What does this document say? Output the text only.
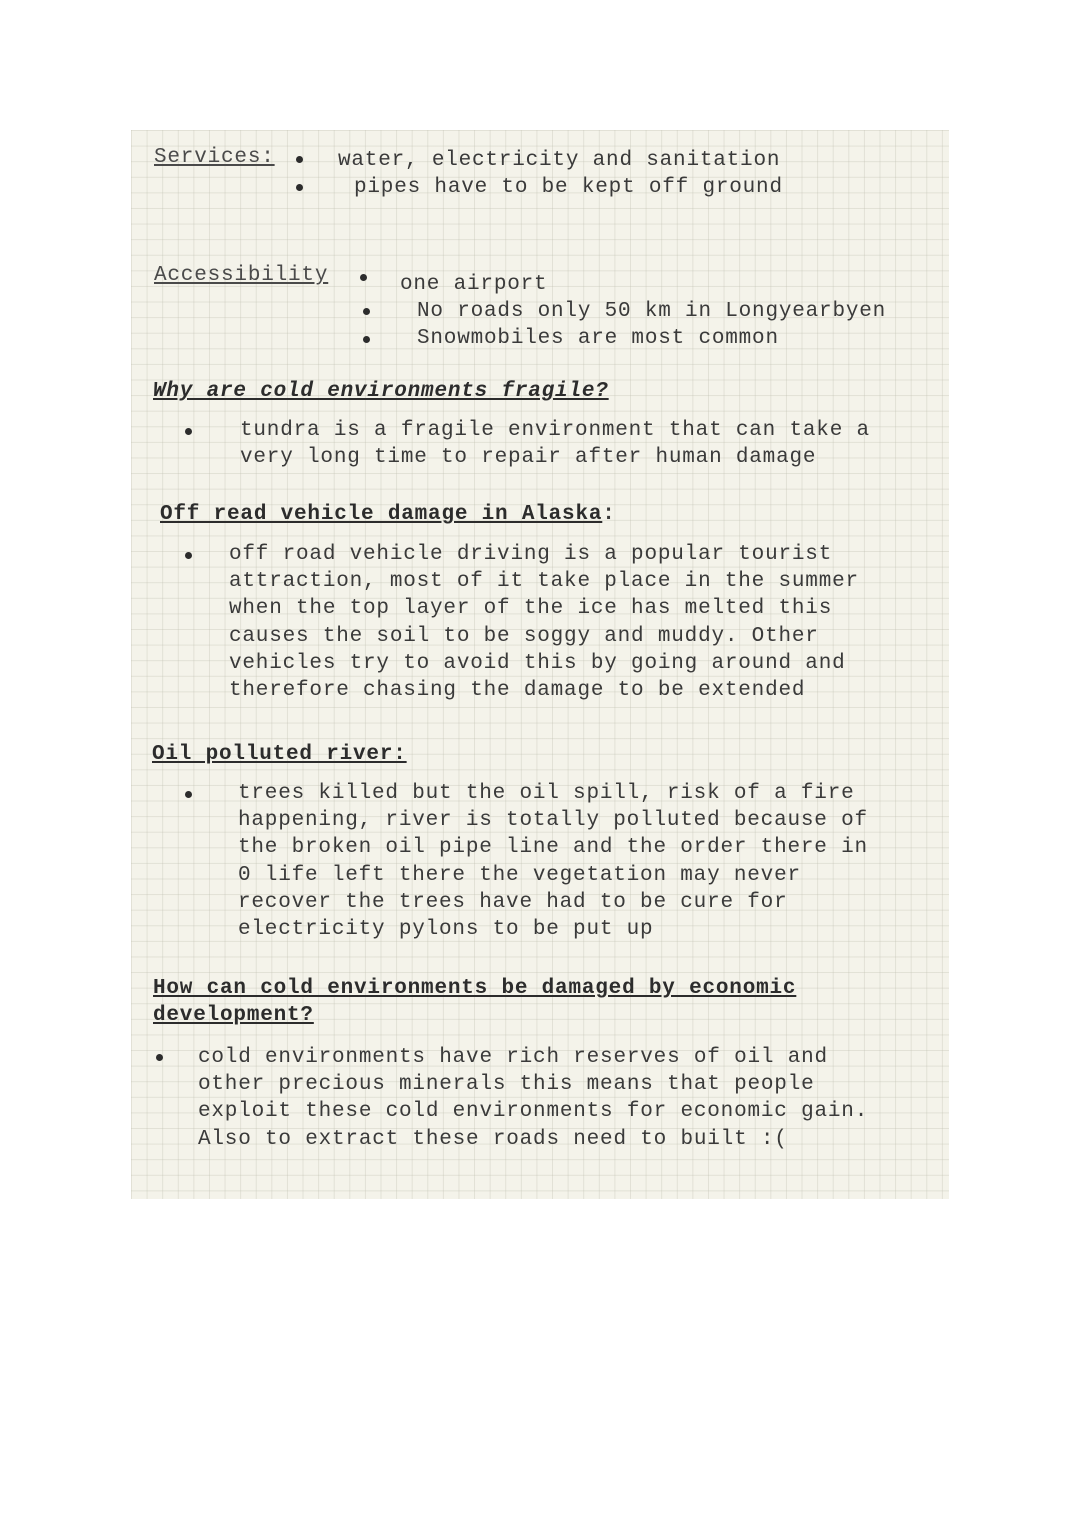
Services:	water, electricity and sanitation
pipes have to be kept off ground
Accessibility	one airport
No roads only 50 km in Longyearbyen
Snowmobiles are most common
Why are cold environments fragile?
tundra is a fragile environment that can take a
very long time to repair after human damage
Off read vehicle damage in Alaska:
off road vehicle driving is a popular tourist
attraction, most of it take place in the summer
when the top layer of the ice has melted this
causes the soil to be soggy and muddy. Other
vehicles try to avoid this by going around and
therefore chasing the damage to be extended
Oil polluted river:
trees killed but the oil spill, risk of a fire
happening, river is totally polluted because of
the broken oil pipe line and the order there in
0 life left there the vegetation may never
recover the trees have had to be cure for
electricity pylons to be put up
How can cold environments be damaged by economic
development?
cold environments have rich reserves of oil and
other precious minerals this means that people
exploit these cold environments for economic gain.
Also to extract these roads need to built :(
